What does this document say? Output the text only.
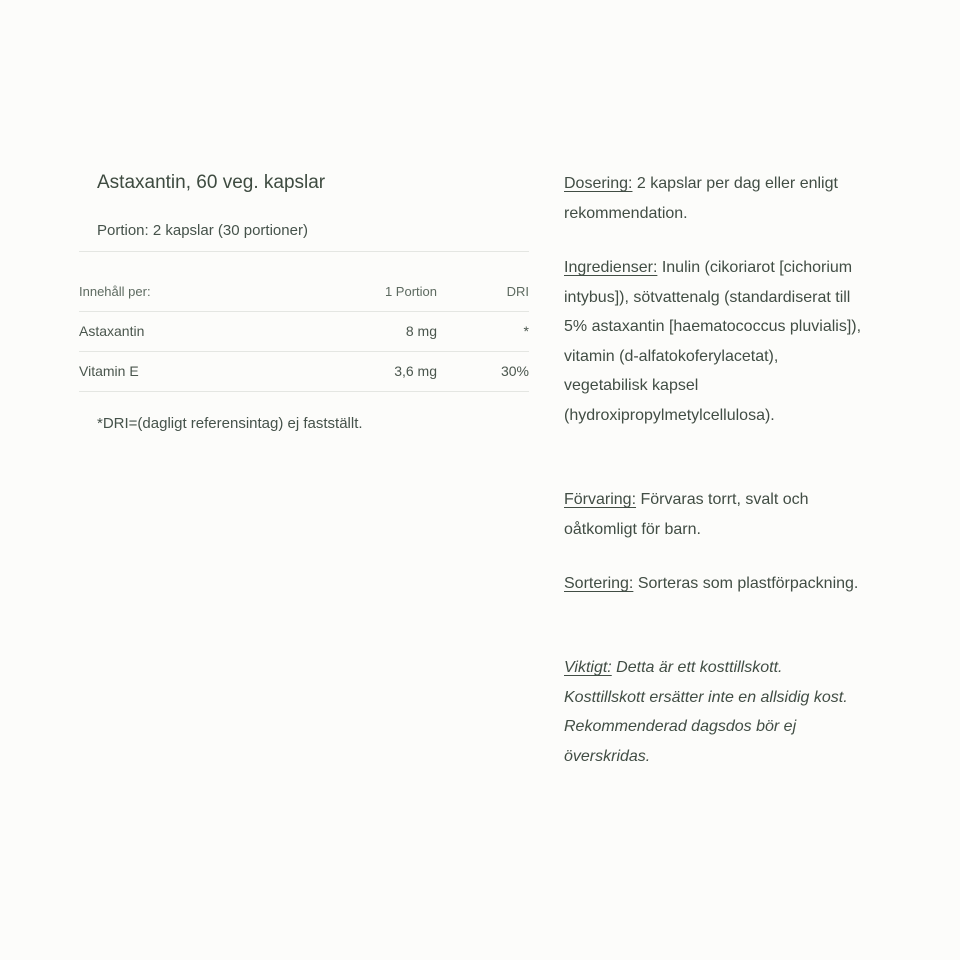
Astaxantin, 60 veg. kapslar
Portion: 2 kapslar (30 portioner)
Innehåll per:	1 Portion	DRI
Astaxantin	8 mg	*
Vitamin E	3,6 mg	30%
*DRI=(dagligt referensintag) ej fastställt.
Dosering: 2 kapslar per dag eller enligt rekommendation.
Ingredienser: Inulin (cikoriarot [cichorium intybus]), sötvattenalg (standardiserat till 5% astaxantin [haematococcus pluvialis]), vitamin (d-alfatokoferylacetat), vegetabilisk kapsel (hydroxipropylmetylcellulosa).
Förvaring: Förvaras torrt, svalt och oåtkomligt för barn.
Sortering: Sorteras som plastförpackning.
Viktigt: Detta är ett kosttillskott. Kosttillskott ersätter inte en allsidig kost. Rekommenderad dagsdos bör ej överskridas.
